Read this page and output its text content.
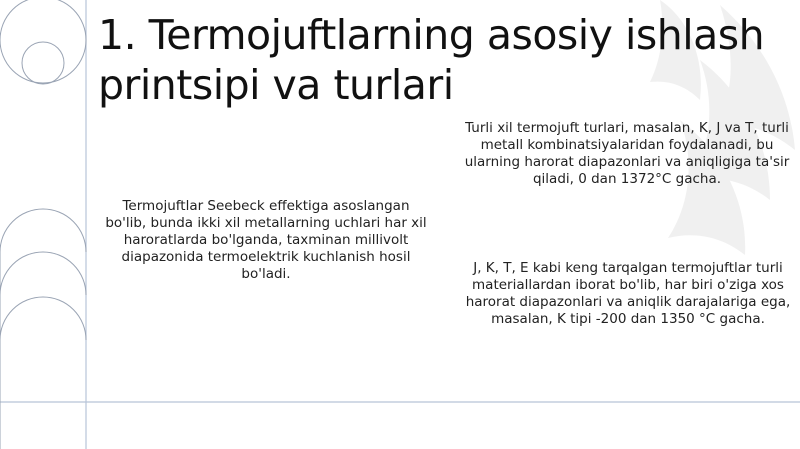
1. Termojuftlarning asosiy ishlash printsipi va turlari

Termojuftlar Seebeck effektiga asoslangan bo'lib, bunda ikki xil metallarning uchlari har xil haroratlarda bo'lganda, taxminan millivolt diapazonida termoelektrik kuchlanish hosil bo'ladi.

Turli xil termojuft turlari, masalan, K, J va T, turli metall kombinatsiyalaridan foydalanadi, bu ularning harorat diapazonlari va aniqligiga ta'sir qiladi, 0 dan 1372°C gacha.

J, K, T, E kabi keng tarqalgan termojuftlar turli materiallardan iborat bo'lib, har biri o'ziga xos harorat diapazonlari va aniqlik darajalariga ega, masalan, K tipi -200 dan 1350 °C gacha.
